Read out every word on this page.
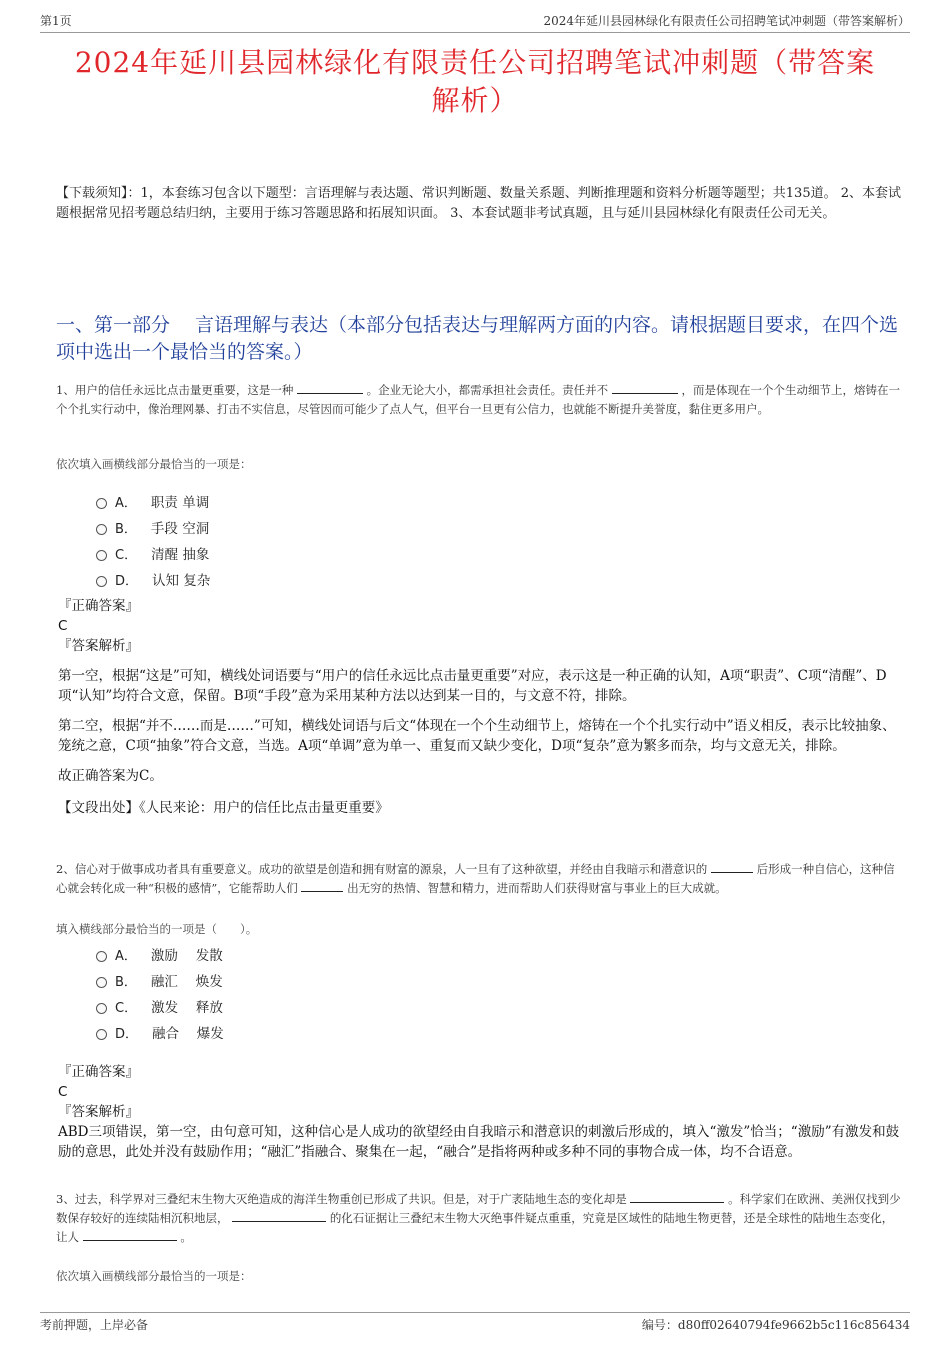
第1页	2024年延川县园林绿化有限责任公司招聘笔试冲刺题（带答案解析）
2024年延川县园林绿化有限责任公司招聘笔试冲刺题（带答案
解析）
【下载须知】：1，本套练习包含以下题型：言语理解与表达题、常识判断题、数量关系题、判断推理题和资料分析题等题型；共135道。 2、本套试题根据常见招考题总结归纳，主要用于练习答题思路和拓展知识面。 3、本套试题非考试真题，且与延川县园林绿化有限责任公司无关。
一、第一部分　 言语理解与表达（本部分包括表达与理解两方面的内容。请根据题目要求，在四个选项中选出一个最恰当的答案。）
1、用户的信任永远比点击量更重要，这是一种	。企业无论大小，都需承担社会责任。责任并不	，而是体现在一个个生动细节上，熔铸在一个个扎实行动中，像治理网暴、打击不实信息，尽管因而可能少了点人气，但平台一旦更有公信力，也就能不断提升美誉度，黏住更多用户。
依次填入画横线部分最恰当的一项是：
A． 职责 单调
B． 手段 空洞
C． 清醒 抽象
D． 认知 复杂

『正确答案』

C

『答案解析』

第一空，根据“这是”可知，横线处词语要与“用户的信任永远比点击量更重要”对应，表示这是一种正确的认知，A项“职责”、C项“清醒”、D项“认知”均符合文意，保留。B项“手段”意为采用某种方法以达到某一目的，与文意不符，排除。

第二空，根据“并不……而是……”可知，横线处词语与后文“体现在一个个生动细节上，熔铸在一个个扎实行动中”语义相反，表示比较抽象、笼统之意，C项“抽象”符合文意，当选。A项“单调”意为单一、重复而又缺少变化，D项“复杂”意为繁多而杂，均与文意无关，排除。

故正确答案为C。

【文段出处】《人民来论：用户的信任比点击量更重要》

2、信心对于做事成功者具有重要意义。成功的欲望是创造和拥有财富的源泉，人一旦有了这种欲望，并经由自我暗示和潜意识的	后形成一种自信心，这种信心就会转化成一种“积极的感情”，它能帮助人们	出无穷的热情、智慧和精力，进而帮助人们获得财富与事业上的巨大成就。
填入横线部分最恰当的一项是（　　）。
A． 激励　 发散
B． 融汇　 焕发
C． 激发　 释放
D． 融合　 爆发

『正确答案』

C

『答案解析』

ABD三项错误，第一空，由句意可知，这种信心是人成功的欲望经由自我暗示和潜意识的刺激后形成的，填入“激发”恰当；“激励”有激发和鼓励的意思，此处并没有鼓励作用；“融汇”指融合、聚集在一起，“融合”是指将两种或多种不同的事物合成一体，均不合语意。

3、过去，科学界对三叠纪末生物大灭绝造成的海洋生物重创已形成了共识。但是，对于广袤陆地生态的变化却是	。科学家们在欧洲、美洲仅找到少数保存较好的连续陆相沉积地层，	的化石证据让三叠纪末生物大灭绝事件疑点重重，究竟是区域性的陆地生物更替，还是全球性的陆地生态变化，让人	。
依次填入画横线部分最恰当的一项是：
考前押题，上岸必备	编号：d80ff02640794fe9662b5c116c856434
